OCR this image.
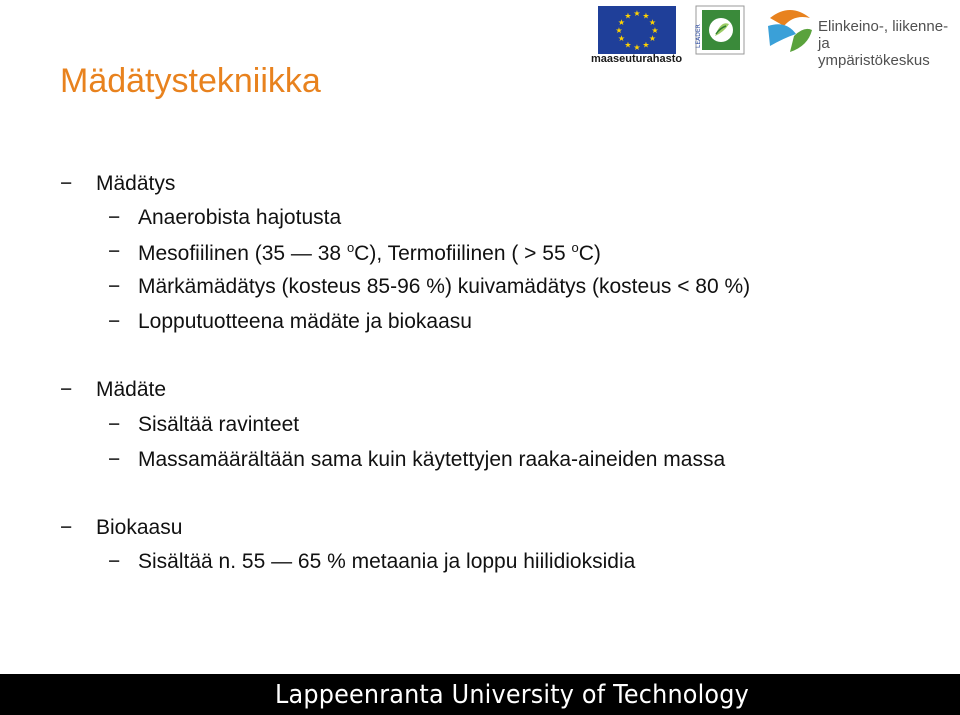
Mädätystekniikka
★ ★
★
★
★
★
★
★
★
★
★
★
maaseuturahasto
LEADER	Elinkeino-, liikenne- ja
ympäristökeskus
− Mädätys
− Anaerobista hajotusta
− Mesofiilinen (35 — 38 $^o$C), Termofiilinen ( > 55 $^o$C)
− Märkämädätys (kosteus 85-96 %) kuivamädätys (kosteus < 80 %)
− Lopputuotteena mädäte ja biokaasu
− Mädäte
− Sisältää ravinteet
− Massamäärältään sama kuin käytettyjen raaka-aineiden massa
− Biokaasu
− Sisältää n. 55 — 65 % metaania ja loppu hiilidioksidia
Lappeenranta University of Technology
